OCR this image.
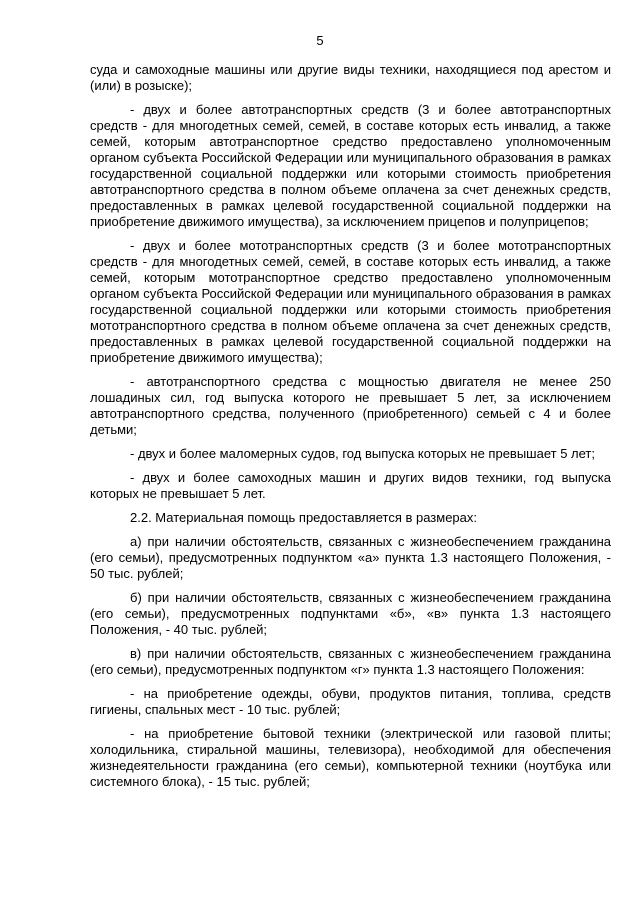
5

суда и самоходные машины или другие виды техники, находящиеся под арестом и (или) в розыске);

- двух и более автотранспортных средств (3 и более автотранспортных средств - для многодетных семей, семей, в составе которых есть инвалид, а также семей, которым автотранспортное средство предоставлено уполномоченным органом субъекта Российской Федерации или муниципального образования в рамках государственной социальной поддержки или которыми стоимость приобретения автотранспортного средства в полном объеме оплачена за счет денежных средств, предоставленных в рамках целевой государственной социальной поддержки на приобретение движимого имущества), за исключением прицепов и полуприцепов;

- двух и более мототранспортных средств (3 и более мототранспортных средств - для многодетных семей, семей, в составе которых есть инвалид, а также семей, которым мототранспортное средство предоставлено уполномоченным органом субъекта Российской Федерации или муниципального образования в рамках государственной социальной поддержки или которыми стоимость приобретения мототранспортного средства в полном объеме оплачена за счет денежных средств, предоставленных в рамках целевой государственной социальной поддержки на приобретение движимого имущества);

- автотранспортного средства с мощностью двигателя не менее 250 лошадиных сил, год выпуска которого не превышает 5 лет, за исключением автотранспортного средства, полученного (приобретенного) семьей с 4 и более детьми;

- двух и более маломерных судов, год выпуска которых не превышает 5 лет;

- двух и более самоходных машин и других видов техники, год выпуска которых не превышает 5 лет.

2.2. Материальная помощь предоставляется в размерах:

а) при наличии обстоятельств, связанных с жизнеобеспечением гражданина (его семьи), предусмотренных подпунктом «а» пункта 1.3 настоящего Положения, - 50 тыс. рублей;

б) при наличии обстоятельств, связанных с жизнеобеспечением гражданина (его семьи), предусмотренных подпунктами «б», «в» пункта 1.3 настоящего Положения, - 40 тыс. рублей;

в) при наличии обстоятельств, связанных с жизнеобеспечением гражданина (его семьи), предусмотренных подпунктом «г» пункта 1.3 настоящего Положения:

- на приобретение одежды, обуви, продуктов питания, топлива, средств гигиены, спальных мест - 10 тыс. рублей;

- на приобретение бытовой техники (электрической или газовой плиты; холодильника, стиральной машины, телевизора), необходимой для обеспечения жизнедеятельности гражданина (его семьи), компьютерной техники (ноутбука или системного блока), - 15 тыс. рублей;
